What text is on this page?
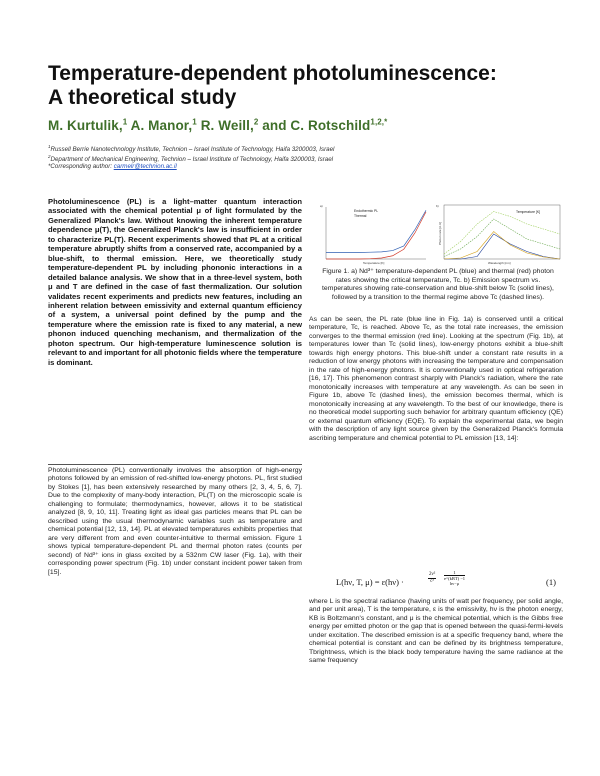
Temperature-dependent photoluminescence:
A theoretical study
M. Kurtulik,$^1$ A. Manor,$^1$ R. Weill,$^2$ and C. Rotschild$^{1,2,*}$
$^1$Russell Berrie Nanotechnology Institute, Technion – Israel Institute of Technology, Haifa 3200003, Israel
$^2$Department of Mechanical Engineering, Technion – Israel Institute of Technology, Haifa 3200003, Israel
*Corresponding author: carmelr@technion.ac.il
Photoluminescence (PL) is a light–matter quantum interaction associated with the chemical potential μ of light formulated by the Generalized Planck's law. Without knowing the inherent temperature dependence μ(T), the Generalized Planck's law is insufficient in order to characterize PL(T). Recent experiments showed that PL at a critical temperature abruptly shifts from a conserved rate, accompanied by a blue-shift, to thermal emission. Here, we theoretically study temperature-dependent PL by including phononic interactions in a detailed balance analysis. We show that in a three-level system, both μ and T are defined in the case of fast thermalization. Our solution validates recent experiments and predicts new features, including an inherent relation between emissivity and external quantum efficiency of a system, a universal point defined by the pump and the temperature where the emission rate is fixed to any material, a new phonon induced quenching mechanism, and thermalization of the photon spectrum. Our high-temperature luminescence solution is relevant to and important for all photonic fields where the temperature is dominant.
Photoluminescence (PL) conventionally involves the absorption of high-energy photons followed by an emission of red-shifted low-energy photons. PL, first studied by Stokes [1], has been extensively researched by many others [2, 3, 4, 5, 6, 7]. Due to the complexity of many-body interaction, PL(T) on the microscopic scale is challenging to formulate; thermodynamics, however, allows it to be statistical analyzed [8, 9, 10, 11]. Treating light as ideal gas particles means that PL can be described using the usual thermodynamic variables such as temperature and chemical potential [12, 13, 14]. PL at elevated temperatures exhibits properties that are very different from and even counter-intuitive to thermal emission. Figure 1 shows typical temperature-dependent PL and thermal photon rates (counts per second) of Nd³⁺ ions in glass excited by a 532nm CW laser (Fig. 1a), with their corresponding power spectrum (Fig. 1b) under constant incident power taken from [15].
a)
Endothermic PL
Thermal
Temperature [K]
b)
Temperature [K]
Photon rate [A.U]
Wavelength [nm]
Figure 1. a) Nd³⁺ temperature-dependent PL (blue) and thermal (red) photon rates showing the critical temperature, Tc. b) Emission spectrum vs. temperatures showing rate-conservation and blue-shift below Tc (solid lines), followed by a transition to the thermal regime above Tc (dashed lines).
As can be seen, the PL rate (blue line in Fig. 1a) is conserved until a critical temperature, Tc, is reached. Above Tc, as the total rate increases, the emission converges to the thermal emission (red line). Looking at the spectrum (Fig. 1b), at temperatures lower than Tc (solid lines), low-energy photons exhibit a blue-shift towards high energy photons. This blue-shift under a constant rate results in a reduction of low energy photons with increasing the temperature and compensation in the rate of high-energy photons. It is conventionally used in optical refrigeration [16, 17]. This phenomenon contrast sharply with Planck's radiation, where the rate monotonically increases with temperature at any wavelength. As can be seen in Figure 1b, above Tc (dashed lines), the emission becomes thermal, which is monotonically increasing at any wavelength. To the best of our knowledge, there is no theoretical model supporting such behavior for arbitrary quantum efficiency (QE) or external quantum efficiency (EQE). To explain the experimental data, we begin with the description of any light source given by the Generalized Planck's formula ascribing temperature and chemical potential to PL emission [13, 14]:
L(hν, T, μ) = ε(hν) ·	$\frac{\text{2ν²}}{\text{c²}}$	1
e^(kBT) −1
hν−μ	(1)
where L is the spectral radiance (having units of watt per frequency, per solid angle, and per unit area), T is the temperature, ε is the emissivity, hν is the photon energy, KB is Boltzmann's constant, and μ is the chemical potential, which is the Gibbs free energy per emitted photon or the gap that is opened between the quasi-fermi-levels under excitation. The described emission is at a specific frequency band, where the chemical potential is constant and can be defined by its brightness temperature, Tbrightness, which is the black body temperature having the same radiance at the same frequency
